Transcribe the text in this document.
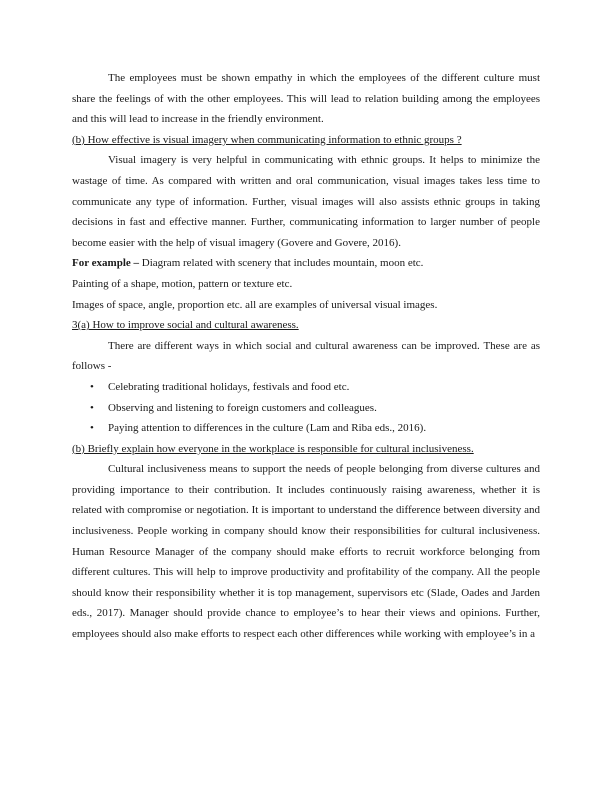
The employees must be shown empathy in which the employees of the different culture must share the feelings of with the other employees. This will lead to relation building among the employees and this will lead to increase in the friendly environment.

(b) How effective is visual imagery when communicating information to ethnic groups ?

Visual imagery is very helpful in communicating with ethnic groups. It helps to minimize the wastage of time. As compared with written and oral communication, visual images takes less time to communicate any type of information. Further, visual images will also assists ethnic groups in taking decisions in fast and effective manner. Further, communicating information to larger number of people become easier with the help of visual imagery (Govere and Govere, 2016).

For example – Diagram related with scenery that includes mountain, moon etc.

Painting of a shape, motion, pattern or texture etc.

Images of space, angle, proportion etc. all are examples of universal visual images.

3(a) How to improve social and cultural awareness.

There are different ways in which social and cultural awareness can be improved. These are as follows -

• Celebrating traditional holidays, festivals and food etc.
• Observing and listening to foreign customers and colleagues.
• Paying attention to differences in the culture (Lam and Riba eds., 2016).

(b) Briefly explain how everyone in the workplace is responsible for cultural inclusiveness.

Cultural inclusiveness means to support the needs of people belonging from diverse cultures and providing importance to their contribution. It includes continuously raising awareness, whether it is related with compromise or negotiation. It is important to understand the difference between diversity and inclusiveness. People working in company should know their responsibilities for cultural inclusiveness. Human Resource Manager of the company should make efforts to recruit workforce belonging from different cultures. This will help to improve productivity and profitability of the company. All the people should know their responsibility whether it is top management, supervisors etc (Slade, Oades and Jarden eds., 2017). Manager should provide chance to employee’s to hear their views and opinions. Further, employees should also make efforts to respect each other differences while working with employee’s in a
